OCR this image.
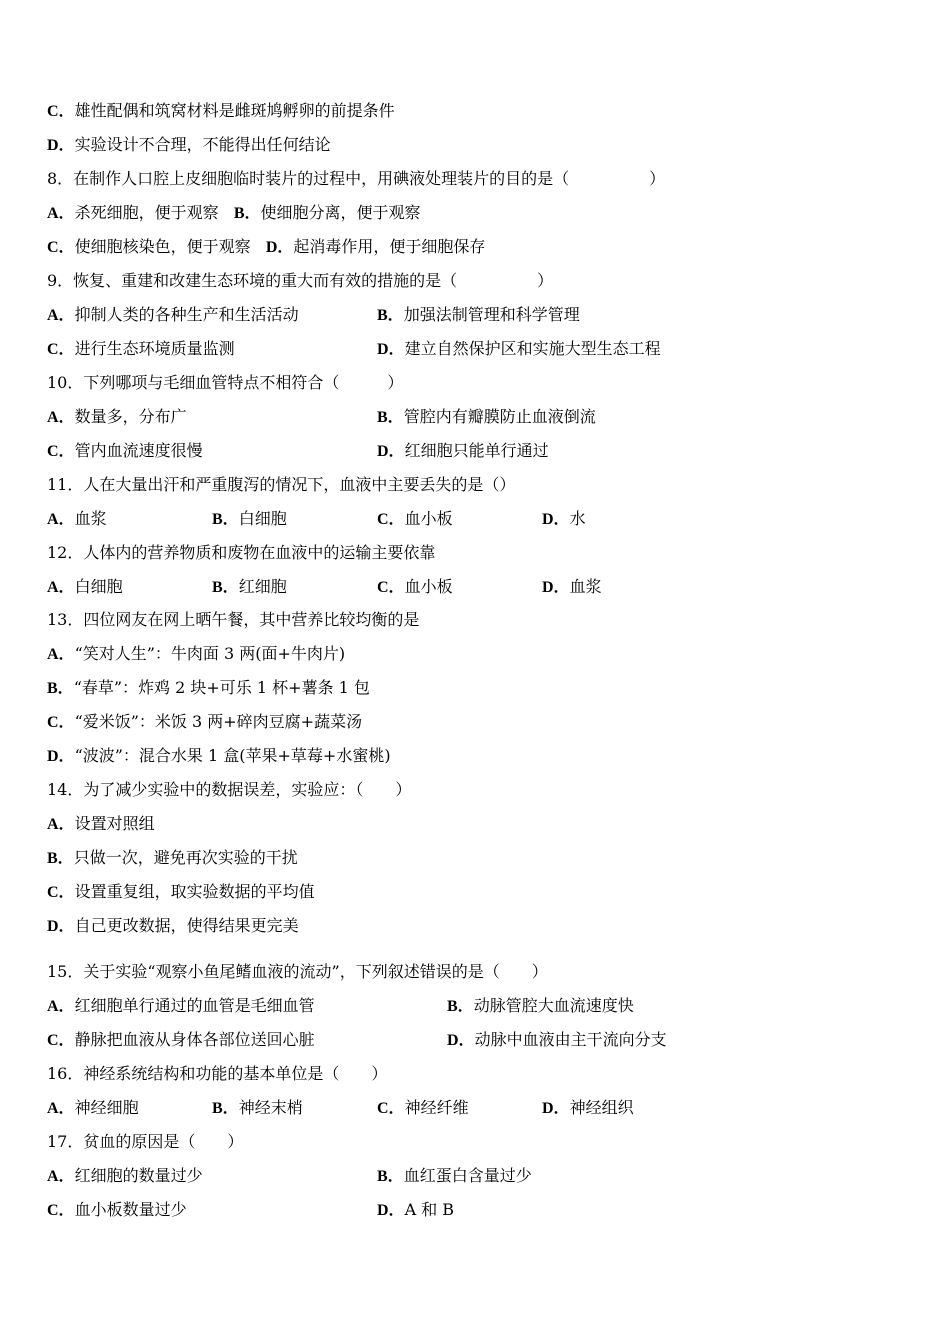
C．雄性配偶和筑窝材料是雌斑鸠孵卵的前提条件
D．实验设计不合理，不能得出任何结论
8．在制作人口腔上皮细胞临时装片的过程中，用碘液处理装片的目的是（　　　　　）
A．杀死细胞，便于观察 B．使细胞分离，便于观察
C．使细胞核染色，便于观察 D．起消毒作用，便于细胞保存
9．恢复、重建和改建生态环境的重大而有效的措施的是（　　　　　）
A．抑制人类的各种生产和生活活动	B．加强法制管理和科学管理
C．进行生态环境质量监测	D．建立自然保护区和实施大型生态工程
10．下列哪项与毛细血管特点不相符合（　　　）
A．数量多，分布广	B．管腔内有瓣膜防止血液倒流
C．管内血流速度很慢	D．红细胞只能单行通过
11．人在大量出汗和严重腹泻的情况下，血液中主要丢失的是（）
A．血浆	B．白细胞	C．血小板	D．水
12．人体内的营养物质和废物在血液中的运输主要依靠
A．白细胞	B．红细胞	C．血小板	D．血浆
13．四位网友在网上晒午餐，其中营养比较均衡的是
A．“笑对人生”：牛肉面 3 两(面+牛肉片)
B．“春草”：炸鸡 2 块+可乐 1 杯+薯条 1 包
C．“爱米饭”：米饭 3 两+碎肉豆腐+蔬菜汤
D．“波波”：混合水果 1 盒(苹果+草莓+水蜜桃)
14．为了减少实验中的数据误差，实验应：（　　）
A．设置对照组
B．只做一次，避免再次实验的干扰
C．设置重复组，取实验数据的平均值
D．自己更改数据，使得结果更完美
15．关于实验“观察小鱼尾鳍血液的流动”，下列叙述错误的是（　　）
A．红细胞单行通过的血管是毛细血管	B．动脉管腔大血流速度快
C．静脉把血液从身体各部位送回心脏	D．动脉中血液由主干流向分支
16．神经系统结构和功能的基本单位是（　　）
A．神经细胞	B．神经末梢	C．神经纤维	D．神经组织
17．贫血的原因是（　　）
A．红细胞的数量过少	B．血红蛋白含量过少
C．血小板数量过少	D．A 和 B
